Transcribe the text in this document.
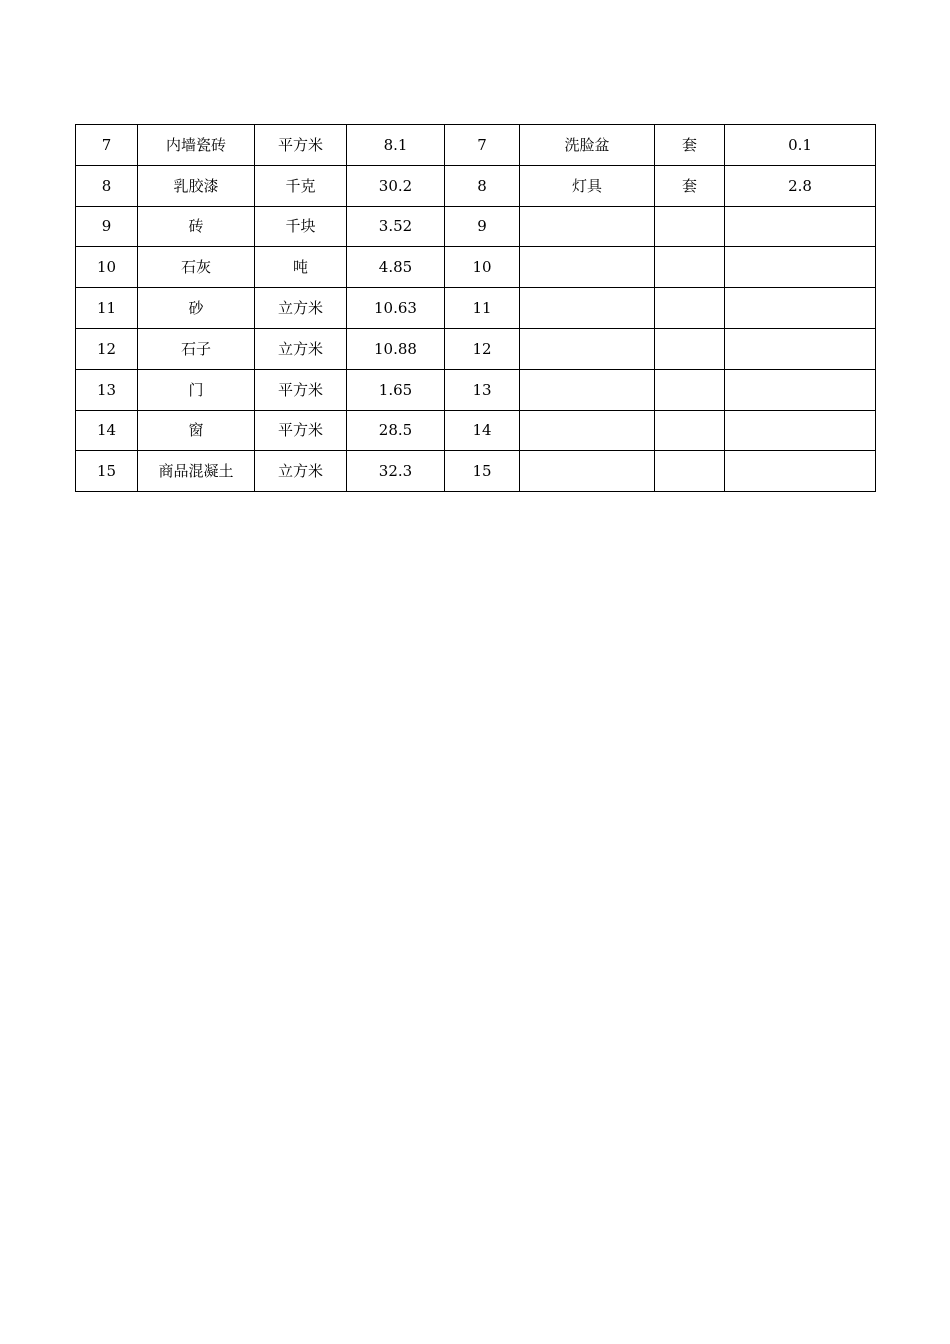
7	内墙瓷砖	平方米	8.1	7	洗脸盆	套	0.1
8	乳胶漆	千克	30.2	8	灯具	套	2.8
9	砖	千块	3.52	9			
10	石灰	吨	4.85	10			
11	砂	立方米	10.63	11			
12	石子	立方米	10.88	12			
13	门	平方米	1.65	13			
14	窗	平方米	28.5	14			
15	商品混凝土	立方米	32.3	15			
